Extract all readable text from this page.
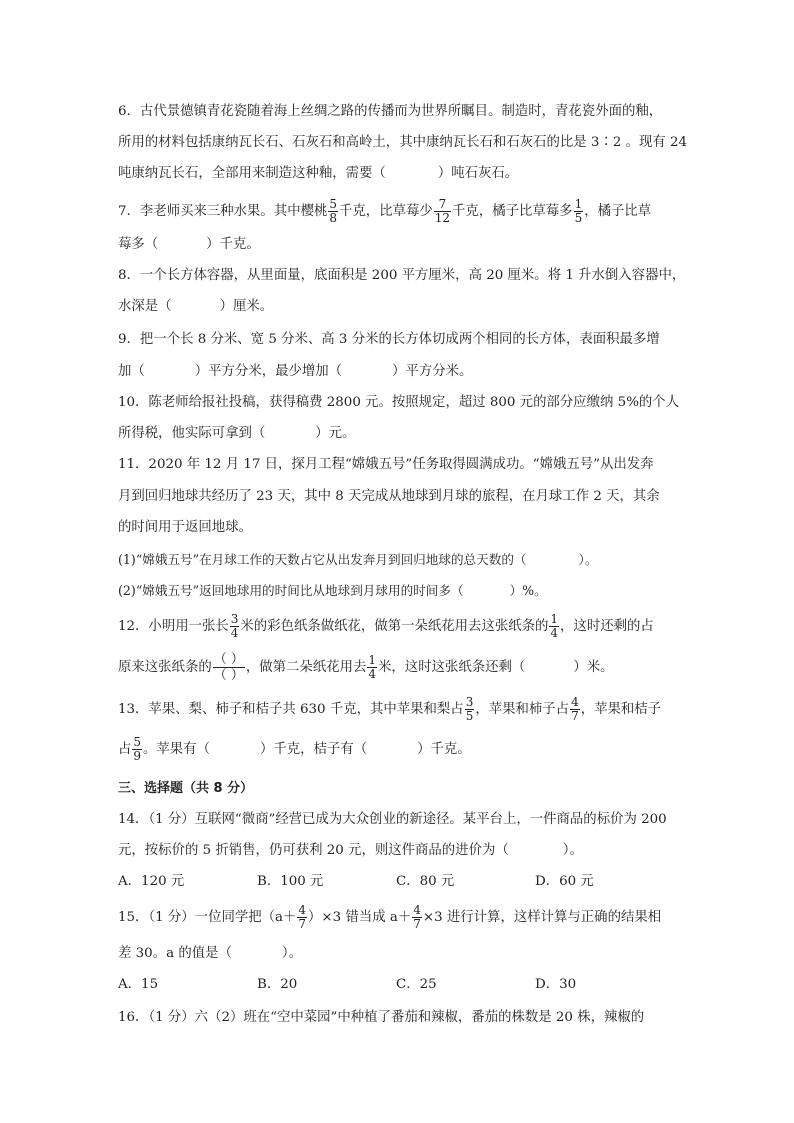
6．古代景德镇青花瓷随着海上丝绸之路的传播而为世界所瞩目。制造时，青花瓷外面的釉，
所用的材料包括康纳瓦长石、石灰石和高岭土，其中康纳瓦长石和石灰石的比是 3∶2 。现有 24
吨康纳瓦长石，全部用来制造这种釉，需要（	）吨石灰石。
7．李老师买来三种水果。其中樱桃 $\frac{5}{8}$ 千克，比草莓少 $\frac{7}{12}$ 千克，橘子比草莓多 $\frac{1}{5}$ ，橘子比草
莓多（	）千克。
8．一个长方体容器，从里面量，底面积是 200 平方厘米，高 20 厘米。将 1 升水倒入容器中，
水深是（	）厘米。
9．把一个长 8 分米、宽 5 分米、高 3 分米的长方体切成两个相同的长方体，表面积最多增
加（	）平方分米，最少增加（	）平方分米。
10．陈老师给报社投稿，获得稿费 2800 元。按照规定，超过 800 元的部分应缴纳 5%的个人
所得税，他实际可拿到（	）元。
11．2020 年 12 月 17 日，探月工程“嫦娥五号”任务取得圆满成功。“嫦娥五号”从出发奔
月到回归地球共经历了 23 天，其中 8 天完成从地球到月球的旅程，在月球工作 2 天，其余
的时间用于返回地球。
(1)“嫦娥五号”在月球工作的天数占它从出发奔月到回归地球的总天数的（	）。
(2)“嫦娥五号”返回地球用的时间比从地球到月球用的时间多（	）%。
12．小明用一张长 $\frac{3}{4}$ 米的彩色纸条做纸花，做第一朵纸花用去这张纸条的 $\frac{1}{4}$ ，这时还剩的占
原来这张纸条的 $\frac{( )}{( )}$ ，做第二朵纸花用去 $\frac{1}{4}$ 米，这时这张纸条还剩（	）米。
13．苹果、梨、柿子和桔子共 630 千克，其中苹果和梨占 $\frac{3}{5}$ ，苹果和柿子占 $\frac{4}{7}$ ，苹果和桔子
占 $\frac{5}{9}$ 。苹果有（	）千克，桔子有（	）千克。
三、选择题（共 8 分）
14．（1 分）互联网“微商”经营已成为大众创业的新途径。某平台上，一件商品的标价为 200
元，按标价的 5 折销售，仍可获利 20 元，则这件商品的进价为（	）。
A．120 元	B．100 元	C．80 元	D．60 元
15．（1 分）一位同学把$(a+ \frac{4}{7} )\times 3$ 错当成 $a+ \frac{4}{7} \times 3$ 进行计算，这样计算与正确的结果相
差 30。a 的值是（	）。
A．15	B．20	C．25	D．30
16．（1 分）六（2）班在“空中菜园”中种植了番茄和辣椒，番茄的株数是 20 株，辣椒的
